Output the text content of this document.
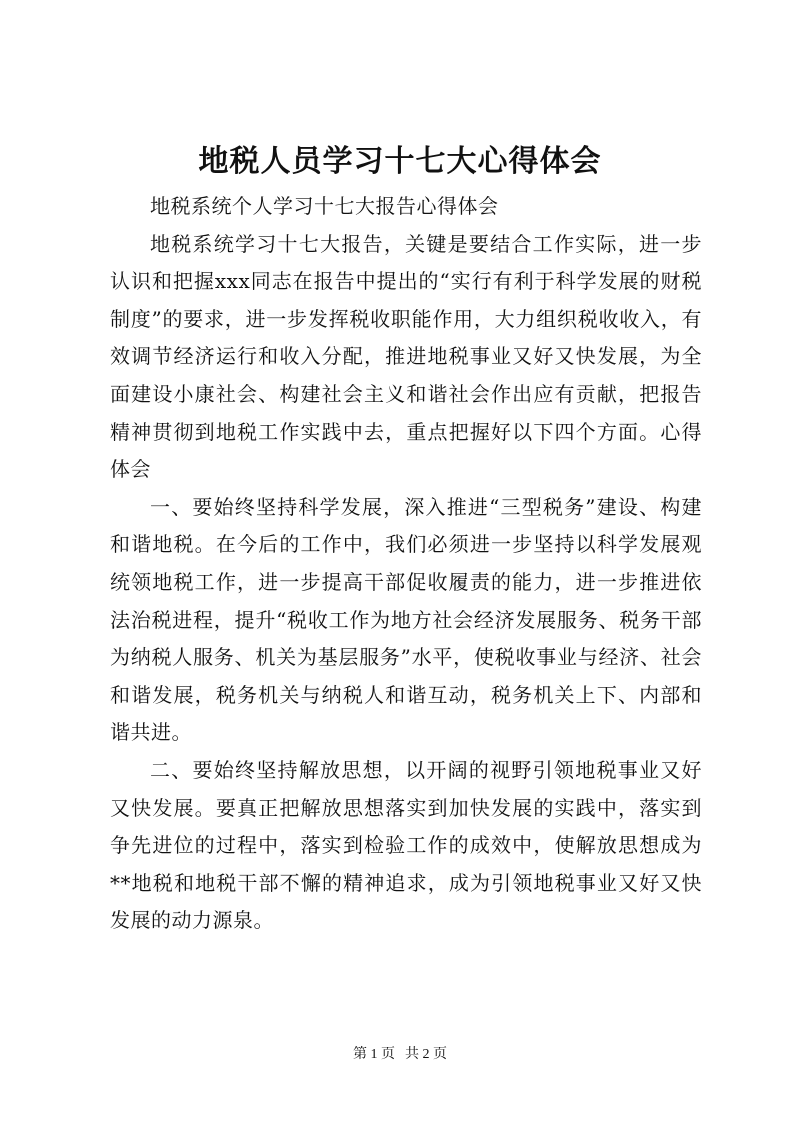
地税人员学习十七大心得体会

地税系统个人学习十七大报告心得体会

地税系统学习十七大报告，关键是要结合工作实际，进一步认识和把握xxx同志在报告中提出的“实行有利于科学发展的财税制度”的要求，进一步发挥税收职能作用，大力组织税收收入，有效调节经济运行和收入分配，推进地税事业又好又快发展，为全面建设小康社会、构建社会主义和谐社会作出应有贡献，把报告精神贯彻到地税工作实践中去，重点把握好以下四个方面。心得体会

一、要始终坚持科学发展，深入推进“三型税务”建设、构建和谐地税。在今后的工作中，我们必须进一步坚持以科学发展观统领地税工作，进一步提高干部促收履责的能力，进一步推进依法治税进程，提升“税收工作为地方社会经济发展服务、税务干部为纳税人服务、机关为基层服务”水平，使税收事业与经济、社会和谐发展，税务机关与纳税人和谐互动，税务机关上下、内部和谐共进。

二、要始终坚持解放思想，以开阔的视野引领地税事业又好又快发展。要真正把解放思想落实到加快发展的实践中，落实到争先进位的过程中，落实到检验工作的成效中，使解放思想成为**地税和地税干部不懈的精神追求，成为引领地税事业又好又快发展的动力源泉。

第 1 页 共 2 页
